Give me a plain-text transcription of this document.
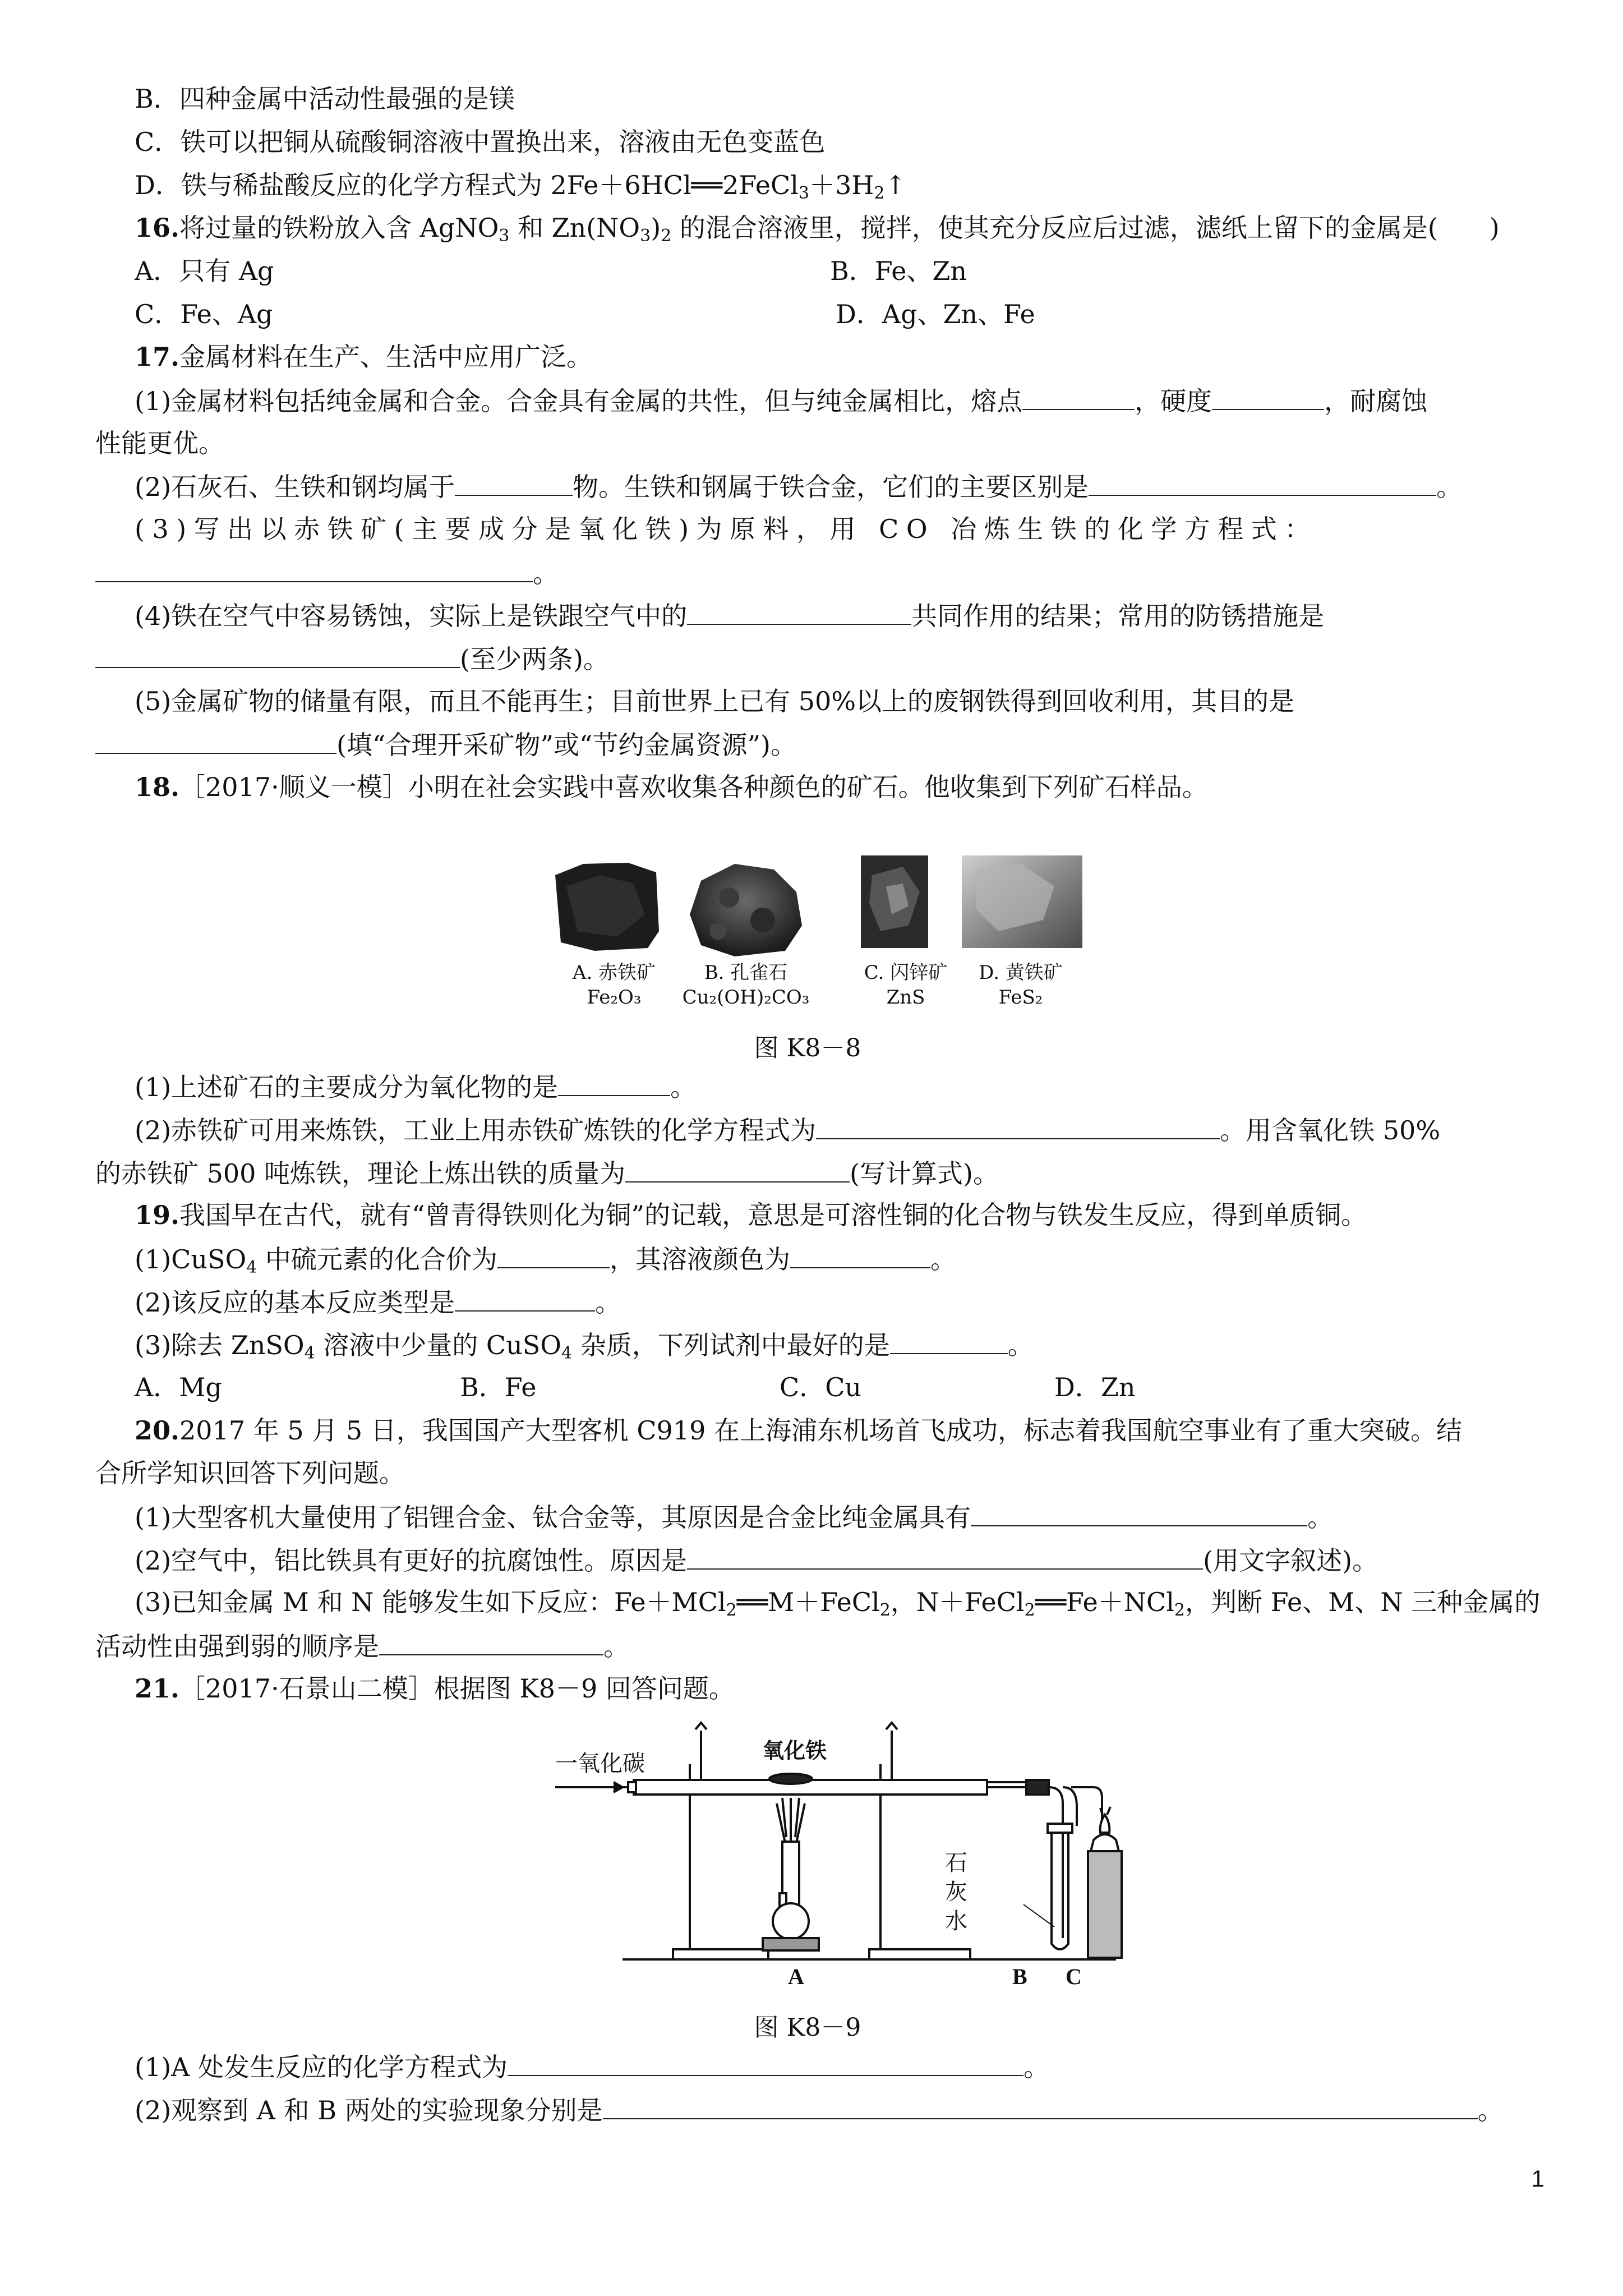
B．四种金属中活动性最强的是镁
C．铁可以把铜从硫酸铜溶液中置换出来，溶液由无色变蓝色
D．铁与稀盐酸反应的化学方程式为 $2Fe+6HCl══2FeCl_3+3H_2↑$
16.将过量的铁粉放入含 AgNO$_3$ 和 $Zn(NO_3)_2$ 的混合溶液里，搅拌，使其充分反应后过滤，滤纸上留下的金属是(　　)
A．只有 Ag	B．Fe、Zn
C．Fe、Ag	D．Ag、Zn、Fe
17.金属材料在生产、生活中应用广泛。
(1)金属材料包括纯金属和合金。合金具有金属的共性，但与纯金属相比，熔点	，硬度	，耐腐蚀
性能更优。
(2)石灰石、生铁和钢均属于	物。生铁和钢属于铁合金，它们的主要区别是	。
(3)写出以赤铁矿(主要成分是氧化铁)为原料，用 CO 冶炼生铁的化学方程式：
。
(4)铁在空气中容易锈蚀，实际上是铁跟空气中的	共同作用的结果；常用的防锈措施是
(至少两条)。
(5)金属矿物的储量有限，而且不能再生；目前世界上已有 50%以上的废钢铁得到回收利用，其目的是
(填“合理开采矿物”或“节约金属资源”)。
18.［2017·顺义一模］小明在社会实践中喜欢收集各种颜色的矿石。他收集到下列矿石样品。
A. 赤铁矿
Fe₂O₃
B. 孔雀石
Cu₂(OH)₂CO₃
C. 闪锌矿
ZnS
D. 黄铁矿
FeS₂
图 K8－8
(1)上述矿石的主要成分为氧化物的是	。
(2)赤铁矿可用来炼铁，工业上用赤铁矿炼铁的化学方程式为	。用含氧化铁 50%
的赤铁矿 500 吨炼铁，理论上炼出铁的质量为	(写计算式)。
19.我国早在古代，就有“曾青得铁则化为铜”的记载，意思是可溶性铜的化合物与铁发生反应，得到单质铜。
(1)CuSO$_4$ 中硫元素的化合价为	，其溶液颜色为	。
(2)该反应的基本反应类型是	。
(3)除去 ZnSO$_4$ 溶液中少量的 CuSO$_4$ 杂质，下列试剂中最好的是	。
A．Mg	B．Fe	C．Cu	D．Zn
20.2017 年 5 月 5 日，我国国产大型客机 C919 在上海浦东机场首飞成功，标志着我国航空事业有了重大突破。结
合所学知识回答下列问题。
(1)大型客机大量使用了铝锂合金、钛合金等，其原因是合金比纯金属具有	。
(2)空气中，铝比铁具有更好的抗腐蚀性。原因是	(用文字叙述)。
(3)已知金属 M 和 N 能够发生如下反应：Fe＋MCl$_2$══M＋FeCl$_2$，N＋FeCl$_2$══Fe＋NCl$_2$，判断 Fe、M、N 三种金属的
活动性由强到弱的顺序是	。
21.［2017·石景山二模］根据图 K8－9 回答问题。
一氧化碳
氧化铁
石
灰
水
A	B C
图 K8－9
(1)A 处发生反应的化学方程式为	。
(2)观察到 A 和 B 两处的实验现象分别是	。
1
